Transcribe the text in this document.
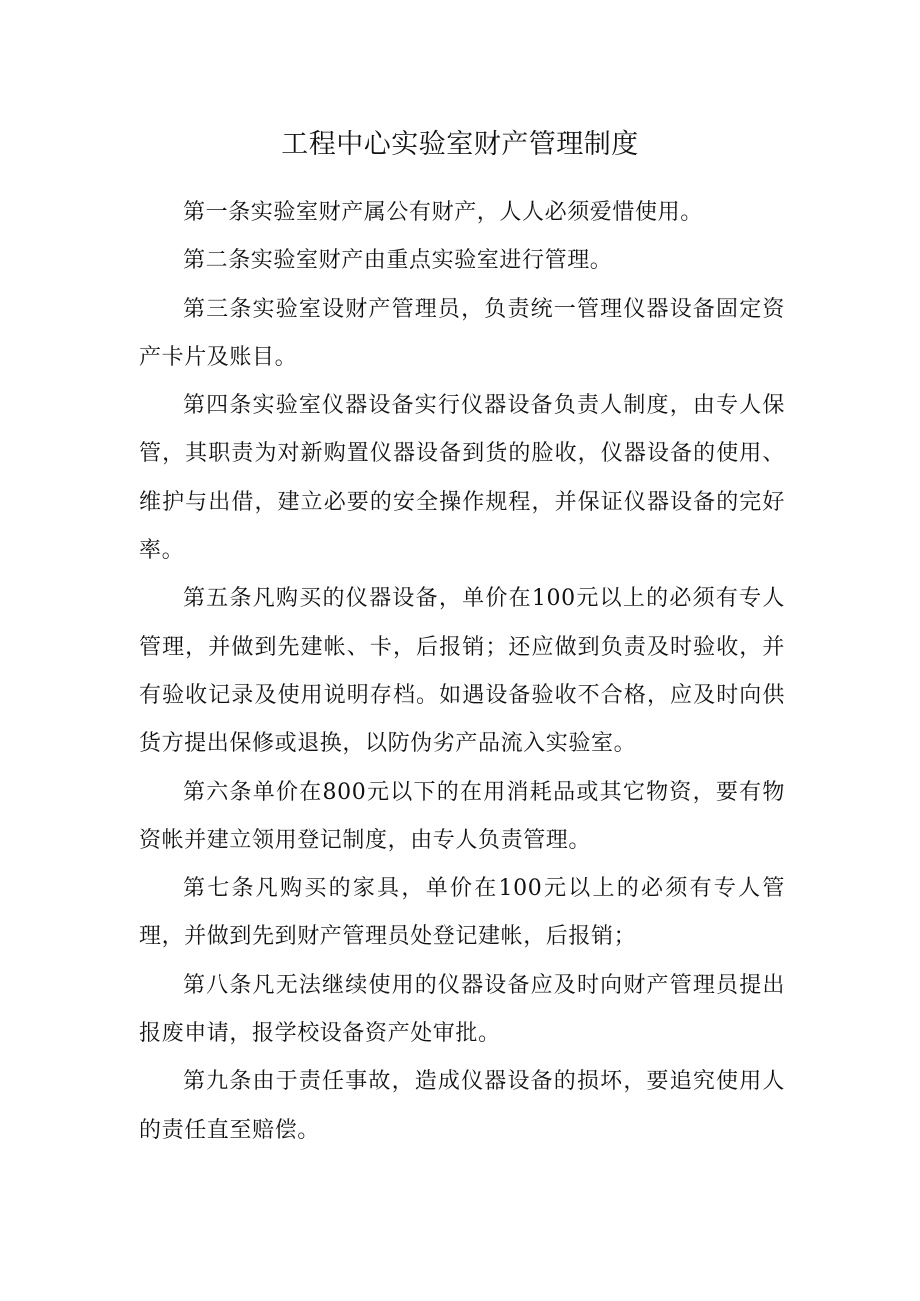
工程中心实验室财产管理制度

第一条实验室财产属公有财产，人人必须爱惜使用。

第二条实验室财产由重点实验室进行管理。

第三条实验室设财产管理员，负责统一管理仪器设备固定资产卡片及账目。

第四条实验室仪器设备实行仪器设备负责人制度，由专人保管，其职责为对新购置仪器设备到货的脸收，仪器设备的使用、维护与出借，建立必要的安全操作规程，并保证仪器设备的完好率。

第五条凡购买的仪器设备，单价在100元以上的必须有专人管理，并做到先建帐、卡，后报销；还应做到负责及时验收，并有验收记录及使用说明存档。如遇设备验收不合格，应及时向供货方提出保修或退换，以防伪劣产品流入实验室。

第六条单价在800元以下的在用消耗品或其它物资，要有物资帐并建立领用登记制度，由专人负责管理。

第七条凡购买的家具，单价在100元以上的必须有专人管理，并做到先到财产管理员处登记建帐，后报销；

第八条凡无法继续使用的仪器设备应及时向财产管理员提出报废申请，报学校设备资产处审批。

第九条由于责任事故，造成仪器设备的损坏，要追究使用人的责任直至赔偿。
